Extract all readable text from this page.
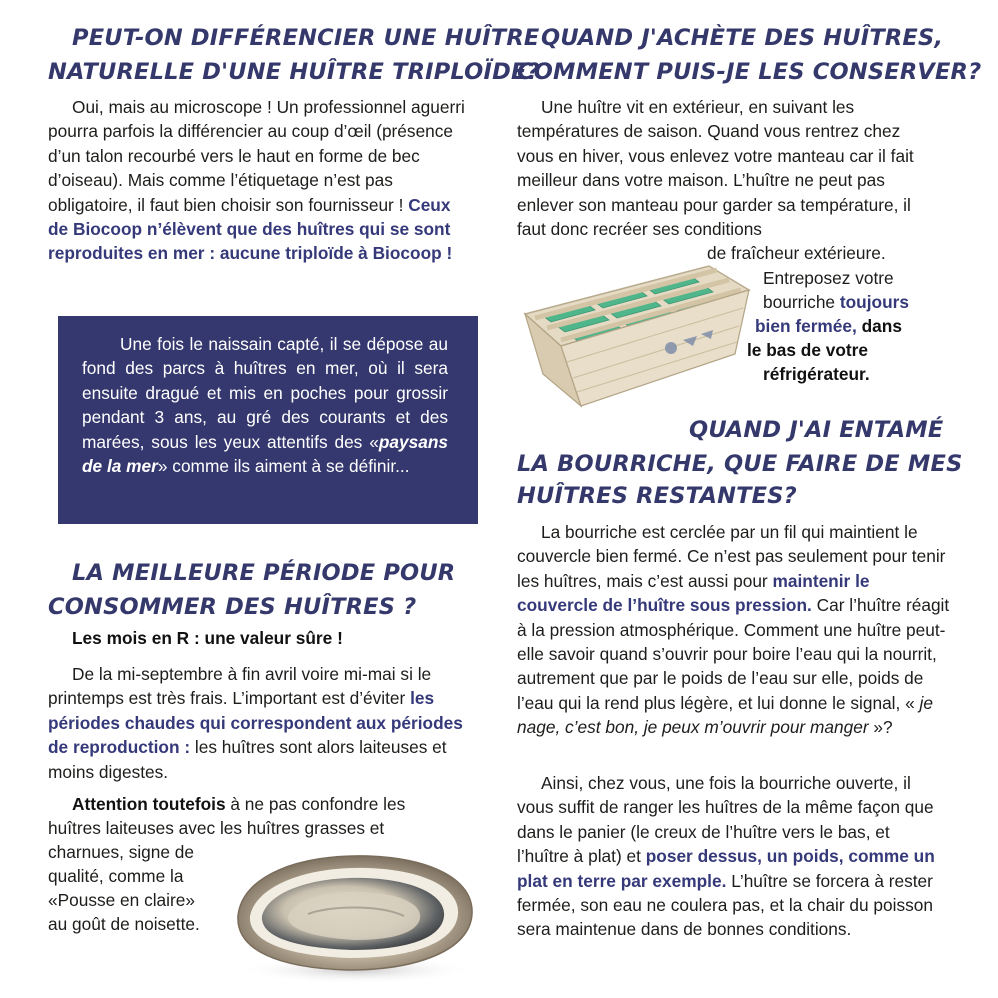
PEUT-ON DIFFÉRENCIER UNE HUÎTRE
NATURELLE D'UNE HUÎTRE TRIPLOÏDE?

Oui, mais au microscope ! Un professionnel aguerri pourra parfois la différencier au coup d’œil (présence d’un talon recourbé vers le haut en forme de bec d’oiseau). Mais comme l’étiquetage n’est pas obligatoire, il faut bien choisir son fournisseur ! Ceux de Biocoop n’élèvent que des huîtres qui se sont reproduites en mer : aucune triploïde à Biocoop !

LA MEILLEURE PÉRIODE POUR
CONSOMMER DES HUÎTRES ?
Les mois en R : une valeur sûre !

De la mi-septembre à fin avril voire mi-mai si le printemps est très frais. L’important est d’éviter les périodes chaudes qui correspondent aux périodes de reproduction : les huîtres sont alors laiteuses et moins digestes.

Attention toutefois à ne pas confondre les
huîtres laiteuses avec les huîtres grasses et
charnues, signe de
qualité, comme la
«Pousse en claire»
au goût de noisette.

Une fois le naissain capté, il se dépose au fond des parcs à huîtres en mer, où il sera ensuite dragué et mis en poches pour grossir pendant 3 ans, au gré des courants et des marées, sous les yeux attentifs des «paysans de la mer» comme ils aiment à se définir...

QUAND J'ACHÈTE DES HUÎTRES,
COMMENT PUIS-JE LES CONSERVER?

Une huître vit en extérieur, en suivant les températures de saison. Quand vous rentrez chez vous en hiver, vous enlevez votre manteau car il fait meilleur dans votre maison. L’huître ne peut pas enlever son manteau pour garder sa température, il faut donc recréer ses conditions

de fraîcheur extérieure.
Entreposez votre
bourriche toujours
bien fermée, dans
le bas de votre
réfrigérateur.
QUAND J'AI ENTAMÉ
LA BOURRICHE, QUE FAIRE DE MES
HUÎTRES RESTANTES?

La bourriche est cerclée par un fil qui maintient le couvercle bien fermé. Ce n’est pas seulement pour tenir les huîtres, mais c’est aussi pour maintenir le couvercle de l’huître sous pression. Car l’huître réagit à la pression atmosphérique. Comment une huître peut-elle savoir quand s’ouvrir pour boire l’eau qui la nourrit, autrement que par le poids de l’eau sur elle, poids de l’eau qui la rend plus légère, et lui donne le signal, « je nage, c’est bon, je peux m’ouvrir pour manger »?

Ainsi, chez vous, une fois la bourriche ouverte, il vous suffit de ranger les huîtres de la même façon que dans le panier (le creux de l’huître vers le bas, et l’huître à plat) et poser dessus, un poids, comme un plat en terre par exemple. L’huître se forcera à rester fermée, son eau ne coulera pas, et la chair du poisson sera maintenue dans de bonnes conditions.
